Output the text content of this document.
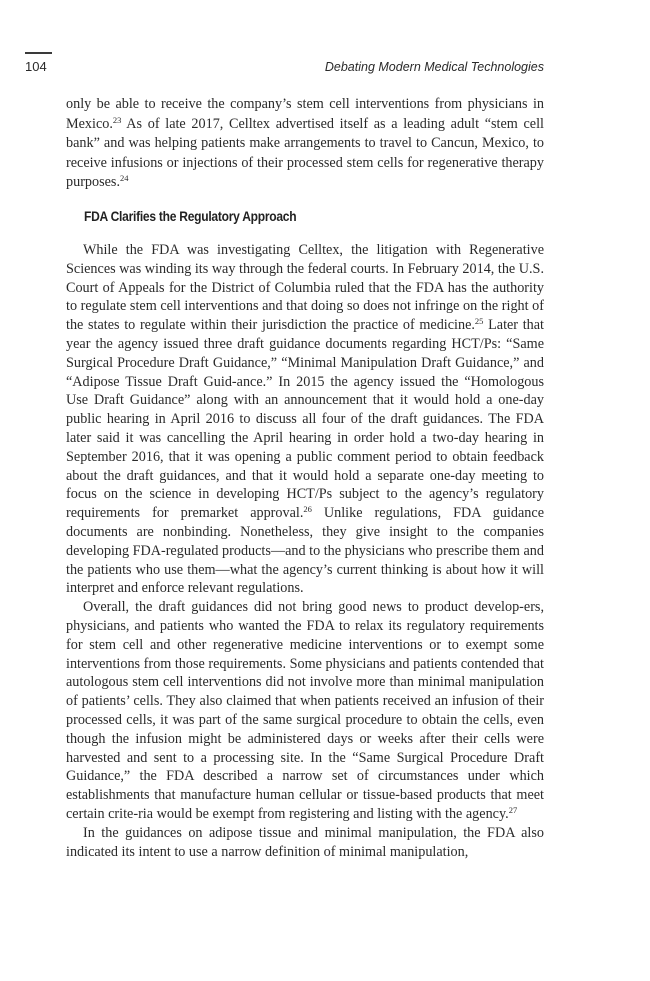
104	Debating Modern Medical Technologies

only be able to receive the company’s stem cell interventions from physicians in Mexico.$^{23}$ As of late 2017, Celltex advertised itself as a leading adult “stem cell bank” and was helping patients make arrangements to travel to Cancun, Mexico, to receive infusions or injections of their processed stem cells for regenerative therapy purposes.$^{24}$

FDA Clarifies the Regulatory Approach

While the FDA was investigating Celltex, the litigation with Regenerative Sciences was winding its way through the federal courts. In February 2014, the U.S. Court of Appeals for the District of Columbia ruled that the FDA has the authority to regulate stem cell interventions and that doing so does not infringe on the right of the states to regulate within their jurisdiction the practice of medicine.$^{25}$ Later that year the agency issued three draft guidance documents regarding HCT/Ps: “Same Surgical Procedure Draft Guidance,” “Minimal Manipulation Draft Guidance,” and “Adipose Tissue Draft Guid-ance.” In 2015 the agency issued the “Homologous Use Draft Guidance” along with an announcement that it would hold a one-day public hearing in April 2016 to discuss all four of the draft guidances. The FDA later said it was cancelling the April hearing in order hold a two-day hearing in September 2016, that it was opening a public comment period to obtain feedback about the draft guidances, and that it would hold a separate one-day meeting to focus on the science in developing HCT/Ps subject to the agency’s regulatory requirements for premarket approval.$^{26}$ Unlike regulations, FDA guidance documents are nonbinding. Nonetheless, they give insight to the companies developing FDA-regulated products—and to the physicians who prescribe them and the patients who use them—what the agency’s current thinking is about how it will interpret and enforce relevant regulations.

Overall, the draft guidances did not bring good news to product develop-ers, physicians, and patients who wanted the FDA to relax its regulatory requirements for stem cell and other regenerative medicine interventions or to exempt some interventions from those requirements. Some physicians and patients contended that autologous stem cell interventions did not involve more than minimal manipulation of patients’ cells. They also claimed that when patients received an infusion of their processed cells, it was part of the same surgical procedure to obtain the cells, even though the infusion might be administered days or weeks after their cells were harvested and sent to a processing site. In the “Same Surgical Procedure Draft Guidance,” the FDA described a narrow set of circumstances under which establishments that manufacture human cellular or tissue-based products that meet certain crite-ria would be exempt from registering and listing with the agency.$^{27}$

In the guidances on adipose tissue and minimal manipulation, the FDA also indicated its intent to use a narrow definition of minimal manipulation,
